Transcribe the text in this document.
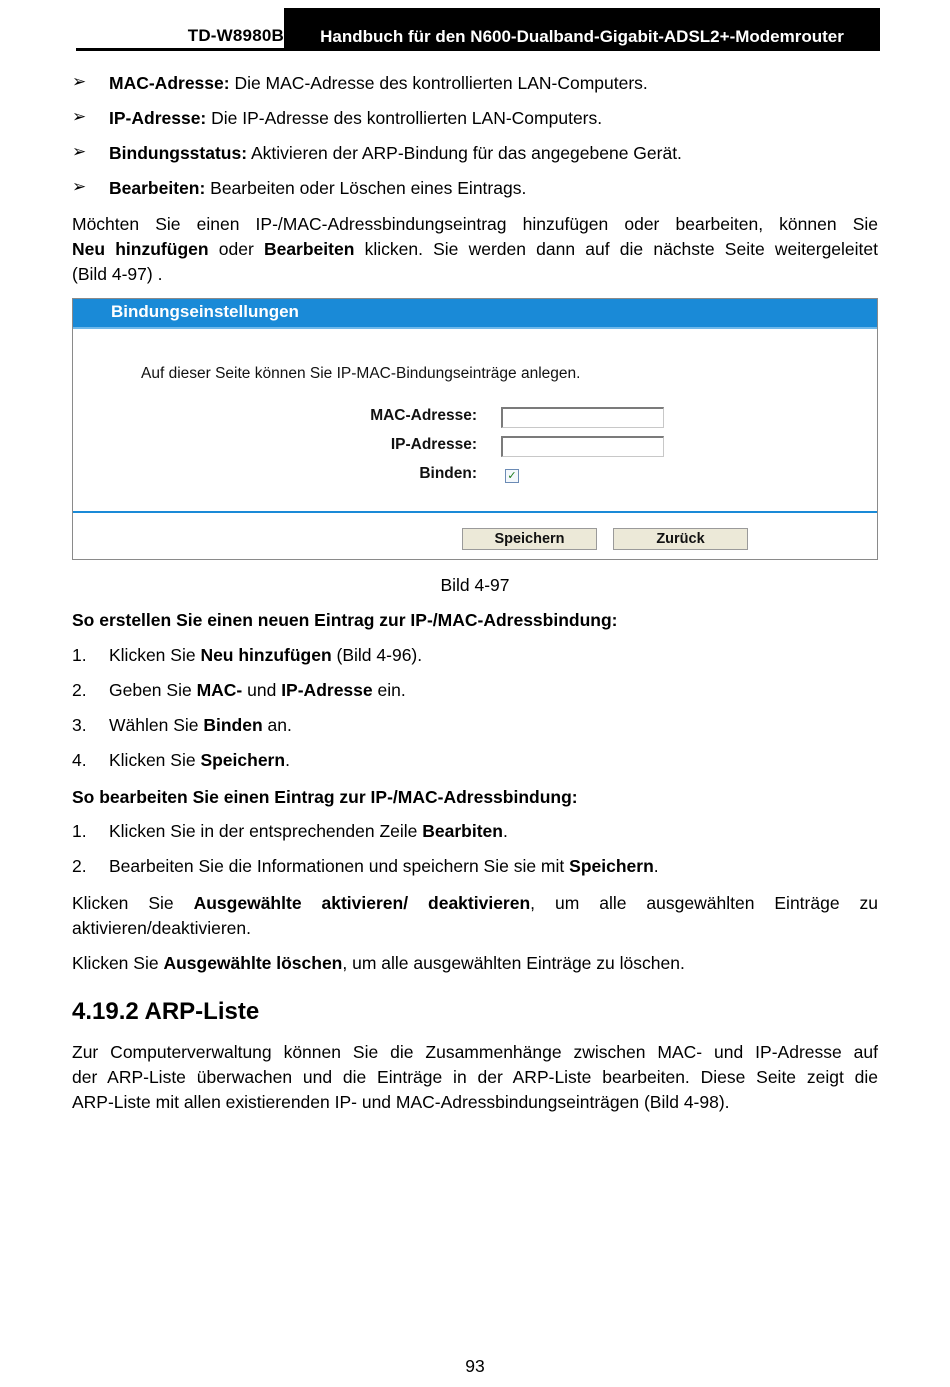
TD-W8980B	Handbuch für den N600-Dualband-Gigabit-ADSL2+-Modemrouter
➢ MAC-Adresse: Die MAC-Adresse des kontrollierten LAN-Computers.
➢ IP-Adresse: Die IP-Adresse des kontrollierten LAN-Computers.
➢ Bindungsstatus: Aktivieren der ARP-Bindung für das angegebene Gerät.
➢ Bearbeiten: Bearbeiten oder Löschen eines Eintrags.
Möchten Sie einen IP-/MAC-Adressbindungseintrag hinzufügen oder bearbeiten, können Sie
Neu hinzufügen oder Bearbeiten klicken. Sie werden dann auf die nächste Seite weitergeleitet
(Bild 4-97) .
Bindungseinstellungen
Auf dieser Seite können Sie IP-MAC-Bindungseinträge anlegen.
MAC-Adresse:
IP-Adresse:
Binden:	✓
Speichern	Zurück
Bild 4-97
So erstellen Sie einen neuen Eintrag zur IP-/MAC-Adressbindung:
1. Klicken Sie Neu hinzufügen (Bild 4-96).
2. Geben Sie MAC- und IP-Adresse ein.
3. Wählen Sie Binden an.
4. Klicken Sie Speichern.
So bearbeiten Sie einen Eintrag zur IP-/MAC-Adressbindung:
1. Klicken Sie in der entsprechenden Zeile Bearbiten.
2. Bearbeiten Sie die Informationen und speichern Sie sie mit Speichern.
Klicken Sie Ausgewählte aktivieren/ deaktivieren, um alle ausgewählten Einträge zu
aktivieren/deaktivieren.
Klicken Sie Ausgewählte löschen, um alle ausgewählten Einträge zu löschen.
4.19.2 ARP-Liste
Zur Computerverwaltung können Sie die Zusammenhänge zwischen MAC- und IP-Adresse auf
der ARP-Liste überwachen und die Einträge in der ARP-Liste bearbeiten. Diese Seite zeigt die
ARP-Liste mit allen existierenden IP- und MAC-Adressbindungseinträgen (Bild 4-98).
93
